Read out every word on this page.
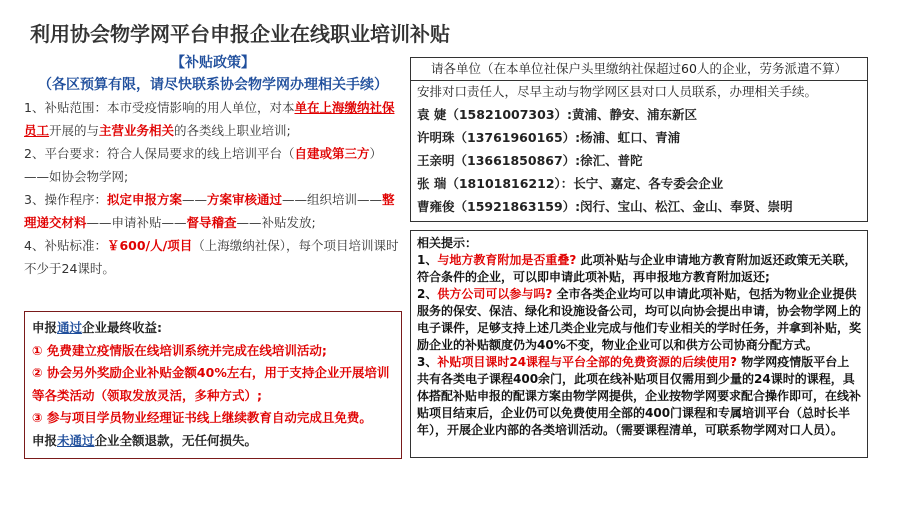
利用协会物学网平台申报企业在线职业培训补贴
【补贴政策】
（各区预算有限，请尽快联系协会物学网办理相关手续）

1、补贴范围：本市受疫情影响的用人单位，对本单在上海缴纳社保员工开展的与主营业务相关的各类线上职业培训;

2、平台要求：符合人保局要求的线上培训平台（自建或第三方）——如协会物学网;

3、操作程序：拟定申报方案——方案审核通过——组织培训——整理递交材料——申请补贴——督导稽查——补贴发放;

4、补贴标准：￥600/人/项目（上海缴纳社保），每个项目培训课时不少于24课时。

申报通过企业最终收益:
① 免费建立疫情版在线培训系统并完成在线培训活动;
② 协会另外奖励企业补贴金额40%左右，用于支持企业开展培训等各类活动（领取发放灵活，多种方式）;
③ 参与项目学员物业经理证书线上继续教育自动完成且免费。
申报未通过企业全额退款，无任何损失。
请各单位（在本单位社保户头里缴纳社保超过60人的企业，劳务派遣不算）
安排对口责任人，尽早主动与物学网区县对口人员联系，办理相关手续。
袁 婕（15821007303）:黄浦、静安、浦东新区
许明珠（13761960165）:杨浦、虹口、青浦
王亲明（13661850867）:徐汇、普陀
张 瑞（18101816212）：长宁、嘉定、各专委会企业
曹雍俊（15921863159）:闵行、宝山、松江、金山、奉贤、崇明
相关提示：
1、与地方教育附加是否重叠? 此项补贴与企业申请地方教育附加返还政策无关联，符合条件的企业，可以即申请此项补贴，再申报地方教育附加返还;
2、供方公司可以参与吗? 全市各类企业均可以申请此项补贴，包括为物业企业提供服务的保安、保洁、绿化和设施设备公司，均可以向协会提出申请，协会物学网上的电子课件，足够支持上述几类企业完成与他们专业相关的学时任务，并拿到补贴，奖励企业的补贴额度仍为40%不变，物业企业可以和供方公司协商分配方式。
3、补贴项目课时24课程与平台全部的免费资源的后续使用? 物学网疫情版平台上共有各类电子课程400余门，此项在线补贴项目仅需用到少量的24课时的课程，具体搭配补贴申报的配课方案由物学网提供，企业按物学网要求配合操作即可，在线补贴项目结束后，企业仍可以免费使用全部的400门课程和专属培训平台（总时长半年），开展企业内部的各类培训活动。（需要课程清单，可联系物学网对口人员）。
